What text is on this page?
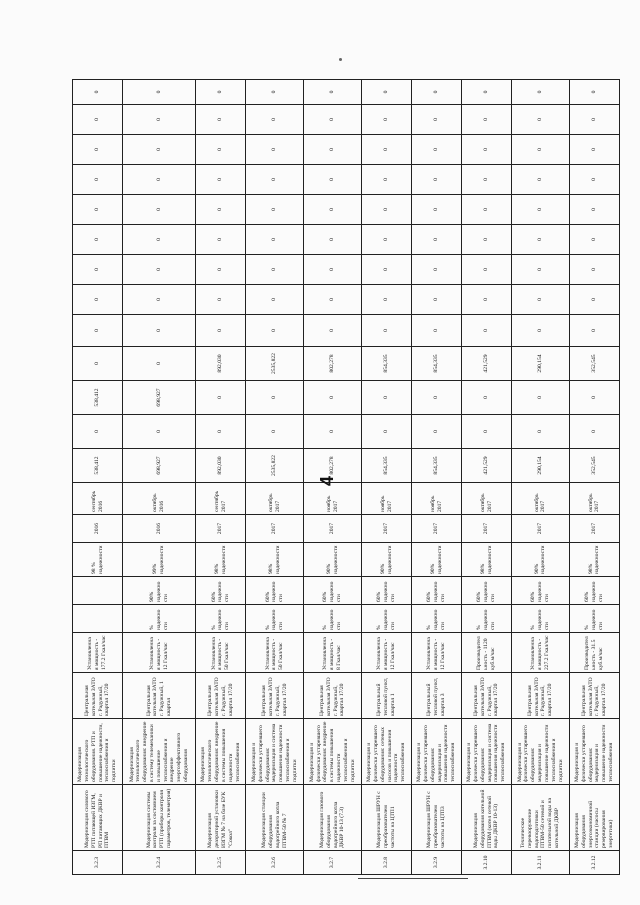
3.2.3	Модернизация силового РТП питающей ИЗГМ, РП питающих ДКВР и ПТВМ	Модернизация технологического оборудования. РТП и повышение надежности, теплоснабжения и подпитки	Центральная котельная ЗАТО г. Радужный, квартал 17/20	Установленная мощность - 177.2 Гкал/час			98 % надежности	2016	сентябрь 2016	538,412	0	538,412	0	0	0	0	0	0	0	0	0	0
3.2.4	Модернизация системы контроля за состоянием РТП (приборы контроля параметров, телеметрия)	Модернизация технологического оборудования: внедрение в систему телемеханики и повышение теплоснабжения и внедрение энергоэффективного оборудования	Центральная котельная ЗАТО г. Радужный, 1 квартал	Установленная мощность - 12 Гкал/час	% надежности	90% надежности	99% надежности	2016	октябрь 2016	698,927	0	698,927	0	0	0	0	0	0	0	0	0	0
3.2.5	Модернизация деаэраторной установки ИЗГМ № 7 на базе БУК "Сокол"	Модернизация технологического оборудования: внедрение в системы повышения надежности теплоснабжения	Центральная котельная ЗАТО г. Радужный, квартал 17/20	Установленная мощность - 50 Гкал/час	% надежности	60% надежности	98% надежности	2017	сентябрь 2017	892,030	0	0	892,030	0	0	0	0	0	0	0	0	0
3.2.6	Модернизация станции оборудования водогрейного котла ПТВМ-50 № 7	Модернизация и физически устаревшего оборудования: модернизация и система повышения надежности теплоснабжения и подпитки	Центральная котельная ЗАТО г. Радужный, квартал 17/20	Установленная мощность - 50 Гкал/час	% надежности	60% надежности	98% надежности	2017	октябрь 2017	2535,822	0	0	2535,822	0	0	0	0	0	0	0	0	0
3.2.7	Модернизация газового оборудования водогрейного котла ДКВР 10-13 (7.3)	Модернизация и физически устаревшего оборудования: внедрение в системы повышения надежности теплоснабжения и подпитки	Центральная котельная ЗАТО г. Радужный, квартал 17/20	Установленная мощность - 8 Гкал/час	% надежности	60% надежности	90% надежности	2017	ноябрь 2017	802,278	0	0	802,278	0	0	0	0	0	0	0	0	0
3.2.8	Модернизация ШРУН с преобразователем частоты на ЦТП1	Модернизация и физически устаревшего оборудования: сетевых насосов и повышения надежности теплоснабжения	Центральный тепловой пункт, квартал 1	Установленная мощность - 12 Гкал/час	% надежности	60% надежности	90% надежности	2017	ноябрь 2017	854,335	0	0	854,335	0	0	0	0	0	0	0	0	0
3.2.9	Модернизация ШРУН с преобразователем частоты на ЦТП3	Модернизация и физически устаревшего оборудования: модернизация и повышения надежности теплоснабжения	Центральный тепловой пункт, квартал 3	Установленная мощность - 12 Гкал/час	% надежности	60% надежности	90% надежности	2017	ноябрь 2017	854,335	0	0	854,335	0	0	0	0	0	0	0	0	0
3.2.10	Модернизация оборудования котельной ПТВМ (котел сетевой воды ДКВР 10-13)	Модернизация и физически устаревшего оборудования: модернизация и система повышения надежности теплоснабжения	Центральная котельная ЗАТО г. Радужный, квартал 17/20	Производительность - 1120 куб.м/час	% надежности	60% надежности	98% надежности	2017	октябрь 2017	421,529	0	0	421,529	0	0	0	0	0	0	0	0	0
3.2.11	Техническое перевооружение водоподготовки ПТВМ-50 сетевой и питательной воды на котельной ДКВР	Модернизация и физически устаревшего оборудования: модернизация и повышение надежности теплоснабжения и подпитки	Центральная котельная ЗАТО г. Радужный, квартал 17/20	Установленная мощность - 227.2 Гкал/час	% надежности	60% надежности	90% надежности	2017	октябрь 2017	290,154	0	0	290,154	0	0	0	0	0	0	0	0	0
3.2.12	Модернизация оборудования энергоэкономичной станции (насосы резервирования энергетики)	Модернизация и физически устаревшего оборудования: модернизация и повышение надежности теплоснабжения	Центральная котельная ЗАТО г. Радужный, квартал 17/20	Производительность - 31.5 куб.м/час	% надежности	60% надежности	98% надежности	2017	октябрь 2017	352,545	0	0	352,545	0	0	0	0	0	0	0	0	0
4
